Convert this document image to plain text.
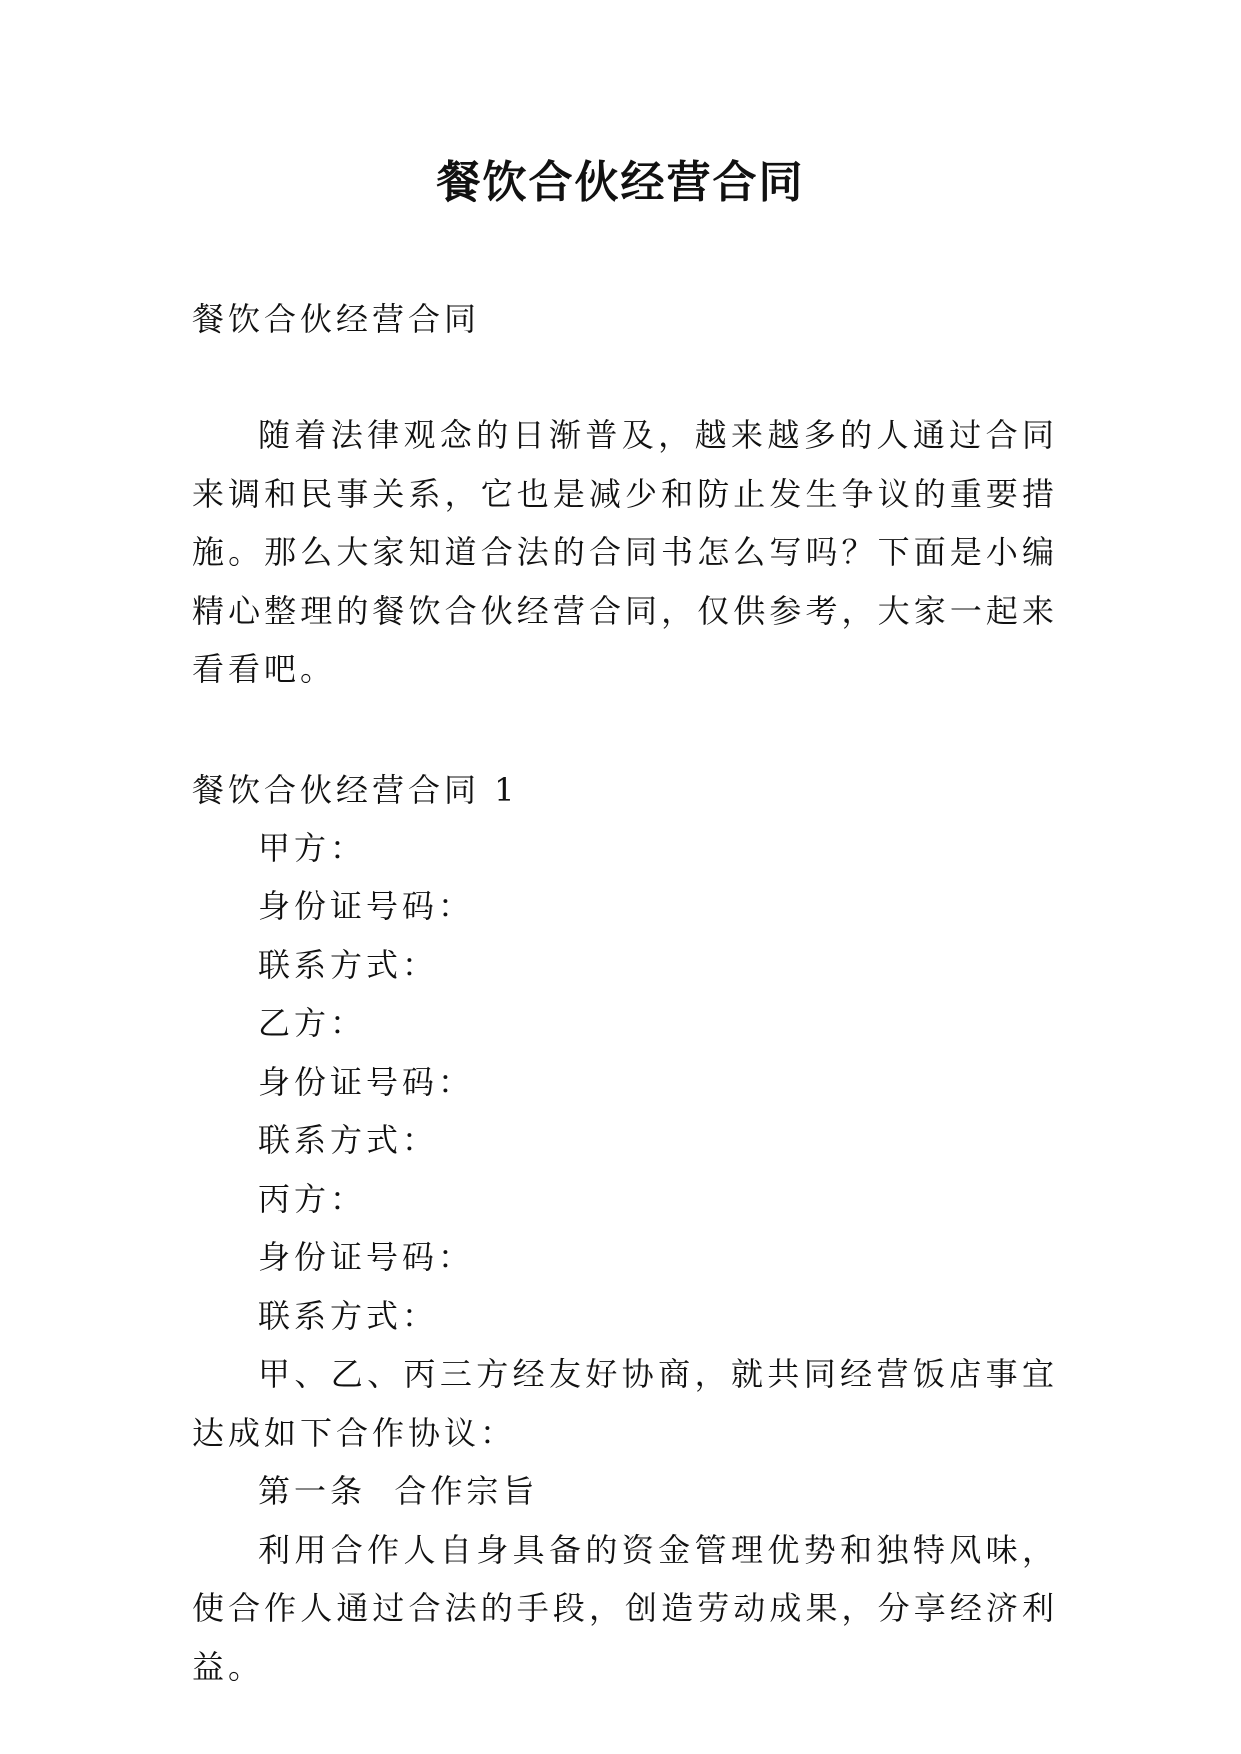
餐饮合伙经营合同

餐饮合伙经营合同

随着法律观念的日渐普及，越来越多的人通过合同来调和民事关系，它也是减少和防止发生争议的重要措施。那么大家知道合法的合同书怎么写吗？下面是小编精心整理的餐饮合伙经营合同，仅供参考，大家一起来看看吧。

餐饮合伙经营合同 1

甲方：

身份证号码：

联系方式：

乙方：

身份证号码：

联系方式：

丙方：

身份证号码：

联系方式：

甲、乙、丙三方经友好协商，就共同经营饭店事宜达成如下合作协议：

第一条  合作宗旨

利用合作人自身具备的资金管理优势和独特风味，使合作人通过合法的手段，创造劳动成果，分享经济利益。
